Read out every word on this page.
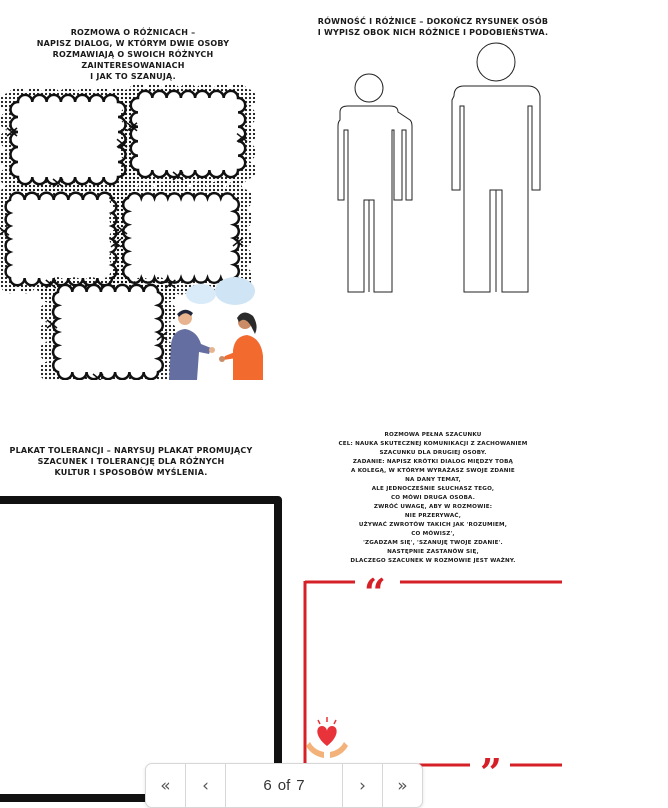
ROZMOWA O RÓŻNICACH –
NAPISZ DIALOG, W KTÓRYM DWIE OSOBY
ROZMAWIAJĄ O SWOICH RÓŻNYCH ZAINTERESOWANIACH
I JAK TO SZANUJĄ.
RÓWNOŚĆ I RÓŻNICE – DOKOŃCZ RYSUNEK OSÓB
I WYPISZ OBOK NICH RÓŻNICE I PODOBIEŃSTWA.
PLAKAT TOLERANCJI – NARYSUJ PLAKAT PROMUJĄCY
SZACUNEK I TOLERANCJĘ DLA RÓŻNYCH
KULTUR I SPOSOBÓW MYŚLENIA.
ROZMOWA PEŁNA SZACUNKU
CEL: NAUKA SKUTECZNEJ KOMUNIKACJI Z ZACHOWANIEM
SZACUNKU DLA DRUGIEJ OSOBY.
ZADANIE: NAPISZ KRÓTKI DIALOG MIĘDZY TOBĄ
A KOLEGĄ, W KTÓRYM WYRAŻASZ SWOJE ZDANIE
NA DANY TEMAT,
ALE JEDNOCZEŚNIE SŁUCHASZ TEGO,
CO MÓWI DRUGA OSOBA.
ZWRÓĆ UWAGĘ, ABY W ROZMOWIE:
NIE PRZERYWAĆ,
UŻYWAĆ ZWROTÓW TAKICH JAK 'ROZUMIEM,
CO MÓWISZ',
'ZGADZAM SIĘ', 'SZANUJĘ TWOJE ZDANIE'.
NASTĘPNIE ZASTANÓW SIĘ,
DLACZEGO SZACUNEK W ROZMOWIE JEST WAŻNY.
“
”
« ‹	6 of 7	› »
